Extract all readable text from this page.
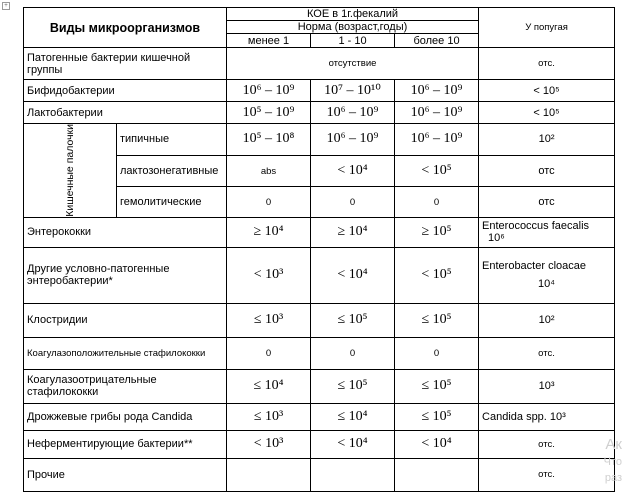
+
Виды микроорганизмов		КОЕ в 1г.фекалий			У попугая
		Норма (возраст,годы)			
		менее 1	1 - 10	более 10	
Патогенные бактерии кишечной группы		отсутствие			отс.
Бифидобактерии		10⁶ – 10⁹	10⁷ – 10¹⁰	10⁶ – 10⁹	< 10⁵
Лактобактерии		10⁵ – 10⁹	10⁶ – 10⁹	10⁶ – 10⁹	< 10⁵

Кишечные палочки	типичные	10⁵ – 10⁸	10⁶ – 10⁹	10⁶ – 10⁹	10²
	лактозонегативные	abs	< 10⁴	< 10⁵	отс
	гемолитические	0	0	0	отс
Энтерококки		≥ 10⁴	≥ 10⁴	≥ 10⁵	Enterococcus faecalis 10⁶
Другие условно-патогенные энтеробактерии*		< 10³	< 10⁴	< 10⁵	Enterobacter cloacae
10⁴

Клостридии		≤ 10³	≤ 10⁵	≤ 10⁵	10²
Коагулазоположительные стафилококки		0	0	0	отс.
Коагулазоотрицательные стафилококки		≤ 10⁴	≤ 10⁵	≤ 10⁵	10³
Дрожжевые грибы рода Candida		≤ 10³	≤ 10⁴	≤ 10⁵	Candida spp. 10³
Неферментирующие бактерии**		< 10³	< 10⁴	< 10⁴	отс.
Прочие					отс.
Ак
Что
раз
